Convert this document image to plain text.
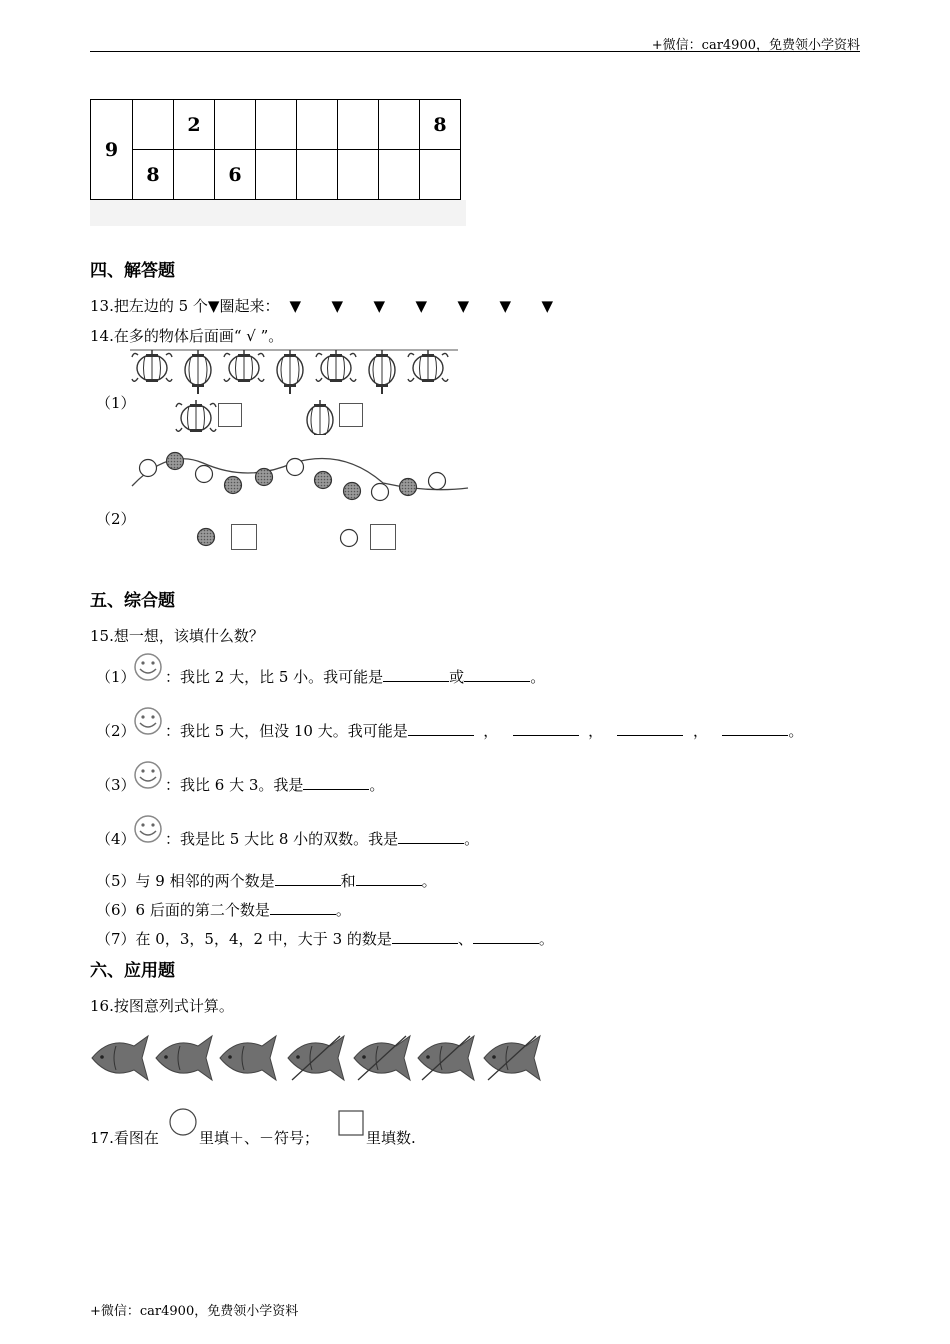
+微信：car4900，免费领小学资料
9		2						8
	8		6					
四、解答题
13.把左边的 5 个▼圈起来： ▼ ▼ ▼ ▼ ▼ ▼ ▼
14.在多的物体后面画“ √ ”。
（1）
（2）
五、综合题
15.想一想，该填什么数？
（1） ：我比 2 大，比 5 小。我可能是	或	。
（2） ：我比 5 大，但没 10 大。我可能是	，	，	，	。
（3） ：我比 6 大 3。我是	。
（4） ：我是比 5 大比 8 小的双数。我是	。
（5）与 9 相邻的两个数是	和	。
（6）6 后面的第二个数是	。
（7）在 0，3，5，4，2 中，大于 3 的数是	、	。
六、应用题
16.按图意列式计算。
17.看图在	里填＋、－符号；	里填数.
+微信：car4900，免费领小学资料
